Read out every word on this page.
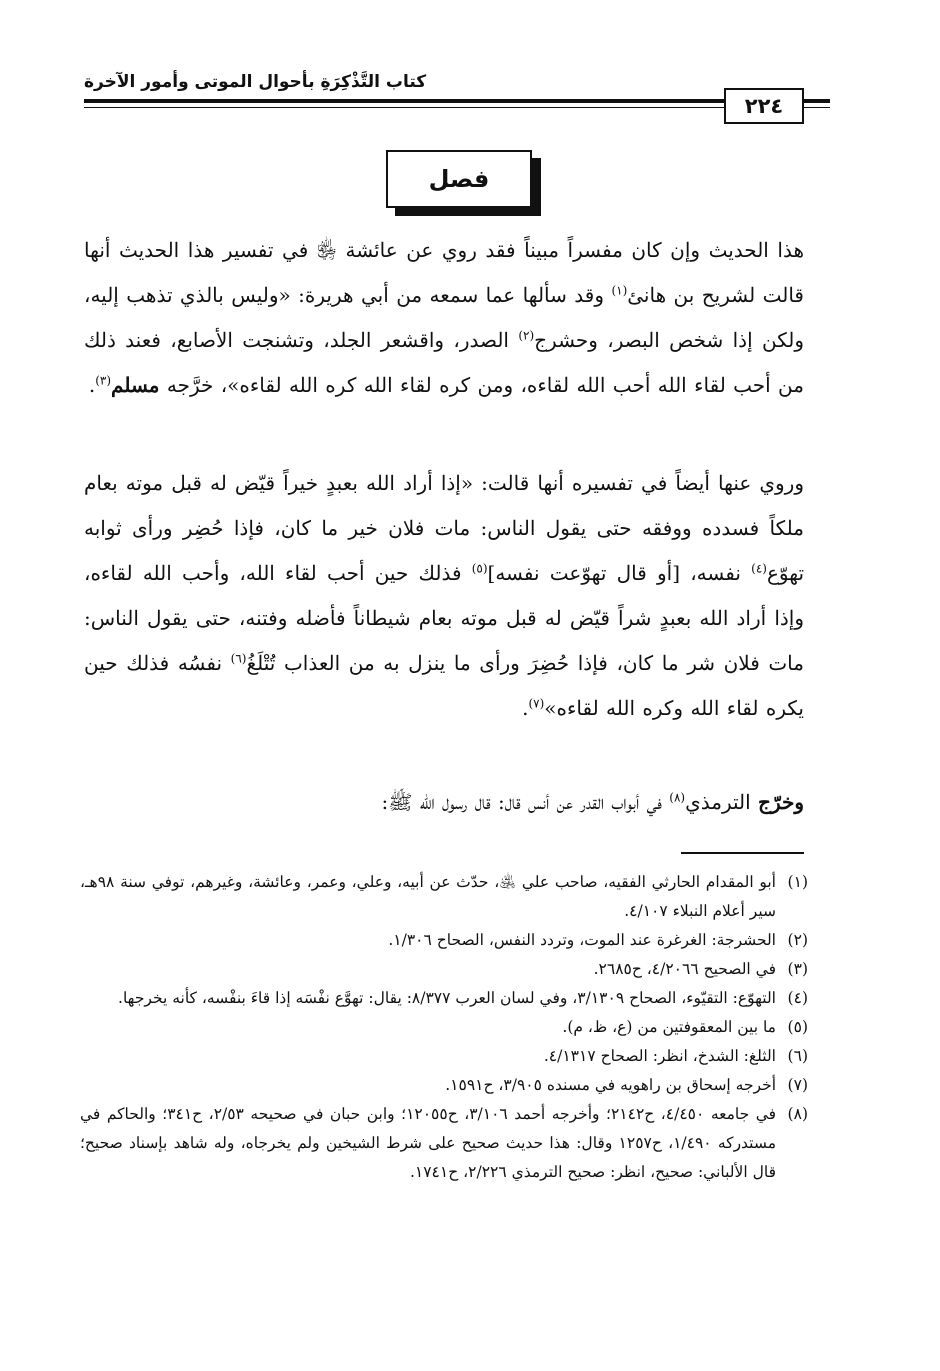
كتاب التَّذْكِرَةِ بأحوال الموتى وأمور الآخرة
٢٢٤
فصل
هذا الحديث وإن كان مفسراً مبيناً فقد روي عن عائشة ﵂ في تفسير هذا الحديث أنها قالت لشريح بن هانئ$^{(١)}$ وقد سألها عما سمعه من أبي هريرة: «وليس بالذي تذهب إليه، ولكن إذا شخص البصر، وحشرج$^{(٢)}$ الصدر، واقشعر الجلد، وتشنجت الأصابع، فعند ذلك من أحب لقاء الله أحب الله لقاءه، ومن كره لقاء الله كره الله لقاءه»، خرَّجه مسلم$^{(٣)}$.
وروي عنها أيضاً في تفسيره أنها قالت: «إذا أراد الله بعبدٍ خيراً قيّض له قبل موته بعام ملكاً فسدده ووفقه حتى يقول الناس: مات فلان خير ما كان، فإذا حُضِر ورأى ثوابه تهوّع$^{(٤)}$ نفسه، [أو قال تهوّعت نفسه]$^{(٥)}$ فذلك حين أحب لقاء الله، وأحب الله لقاءه، وإذا أراد الله بعبدٍ شراً قيّض له قبل موته بعام شيطاناً فأضله وفتنه، حتى يقول الناس: مات فلان شر ما كان، فإذا حُضِرَ ورأى ما ينزل به من العذاب تُتْلَغُ$^{(٦)}$ نفسُه فذلك حين يكره لقاء الله وكره الله لقاءه»$^{(٧)}$.
وخرّج الترمذي$^{(٨)}$ في أبواب القدر عن أنس قال: قال رسول الله ﷺ:
(١)
أبو المقدام الحارثي الفقيه، صاحب علي ﵁، حدّث عن أبيه، وعلي، وعمر، وعائشة، وغيرهم، توفي سنة ٩٨هـ، سير أعلام النبلاء ٤/١٠٧.
(٢)
الحشرجة: الغرغرة عند الموت، وتردد النفس، الصحاح ١/٣٠٦.
(٣)
في الصحيح ٤/٢٠٦٦، ح٢٦٨٥.
(٤)
التهوّع: التقيّوء، الصحاح ٣/١٣٠٩، وفي لسان العرب ٨/٣٧٧: يقال: تهوَّع نفْسَه إذا قاءَ بنفْسه، كأنه يخرجها.
(٥)
ما بين المعقوفتين من (ع، ظ، م).
(٦)
الثلغ: الشدخ، انظر: الصحاح ٤/١٣١٧.
(٧)
أخرجه إسحاق بن راهويه في مسنده ٣/٩٠٥، ح١٥٩١.
(٨)
في جامعه ٤/٤٥٠، ح٢١٤٢؛ وأخرجه أحمد ٣/١٠٦، ح١٢٠٥٥؛ وابن حبان في صحيحه ٢/٥٣، ح٣٤١؛ والحاكم في مستدركه ١/٤٩٠، ح١٢٥٧ وقال: هذا حديث صحيح على شرط الشيخين ولم يخرجاه، وله شاهد بإسناد صحيح؛ قال الألباني: صحيح، انظر: صحيح الترمذي ٢/٢٢٦، ح١٧٤١.
